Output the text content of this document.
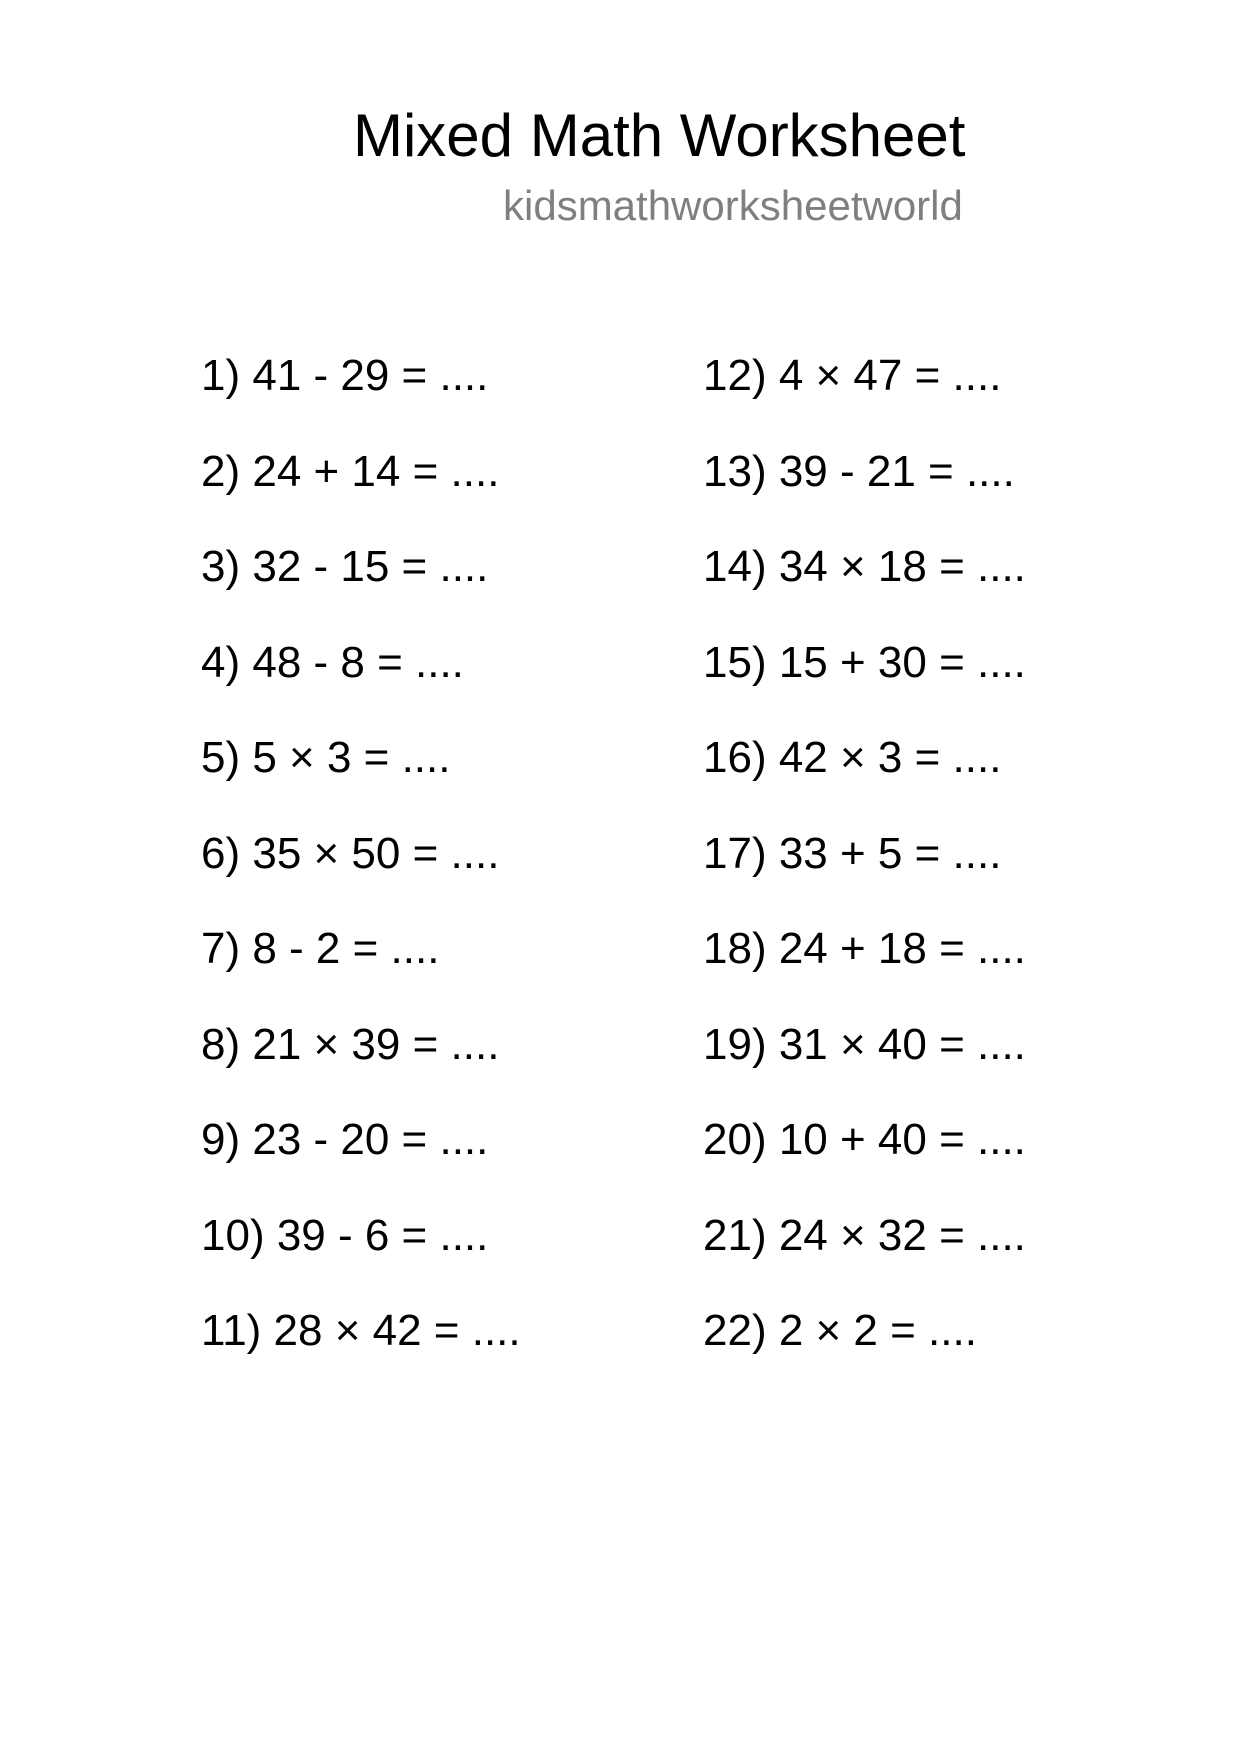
Mixed Math Worksheet
kidsmathworksheetworld
1) 41 - 29 = ....
2) 24 + 14 = ....
3) 32 - 15 = ....
4) 48 - 8 = ....
5) 5 × 3 = ....
6) 35 × 50 = ....
7) 8 - 2 = ....
8) 21 × 39 = ....
9) 23 - 20 = ....
10) 39 - 6 = ....
11) 28 × 42 = ....
12) 4 × 47 = ....
13) 39 - 21 = ....
14) 34 × 18 = ....
15) 15 + 30 = ....
16) 42 × 3 = ....
17) 33 + 5 = ....
18) 24 + 18 = ....
19) 31 × 40 = ....
20) 10 + 40 = ....
21) 24 × 32 = ....
22) 2 × 2 = ....
